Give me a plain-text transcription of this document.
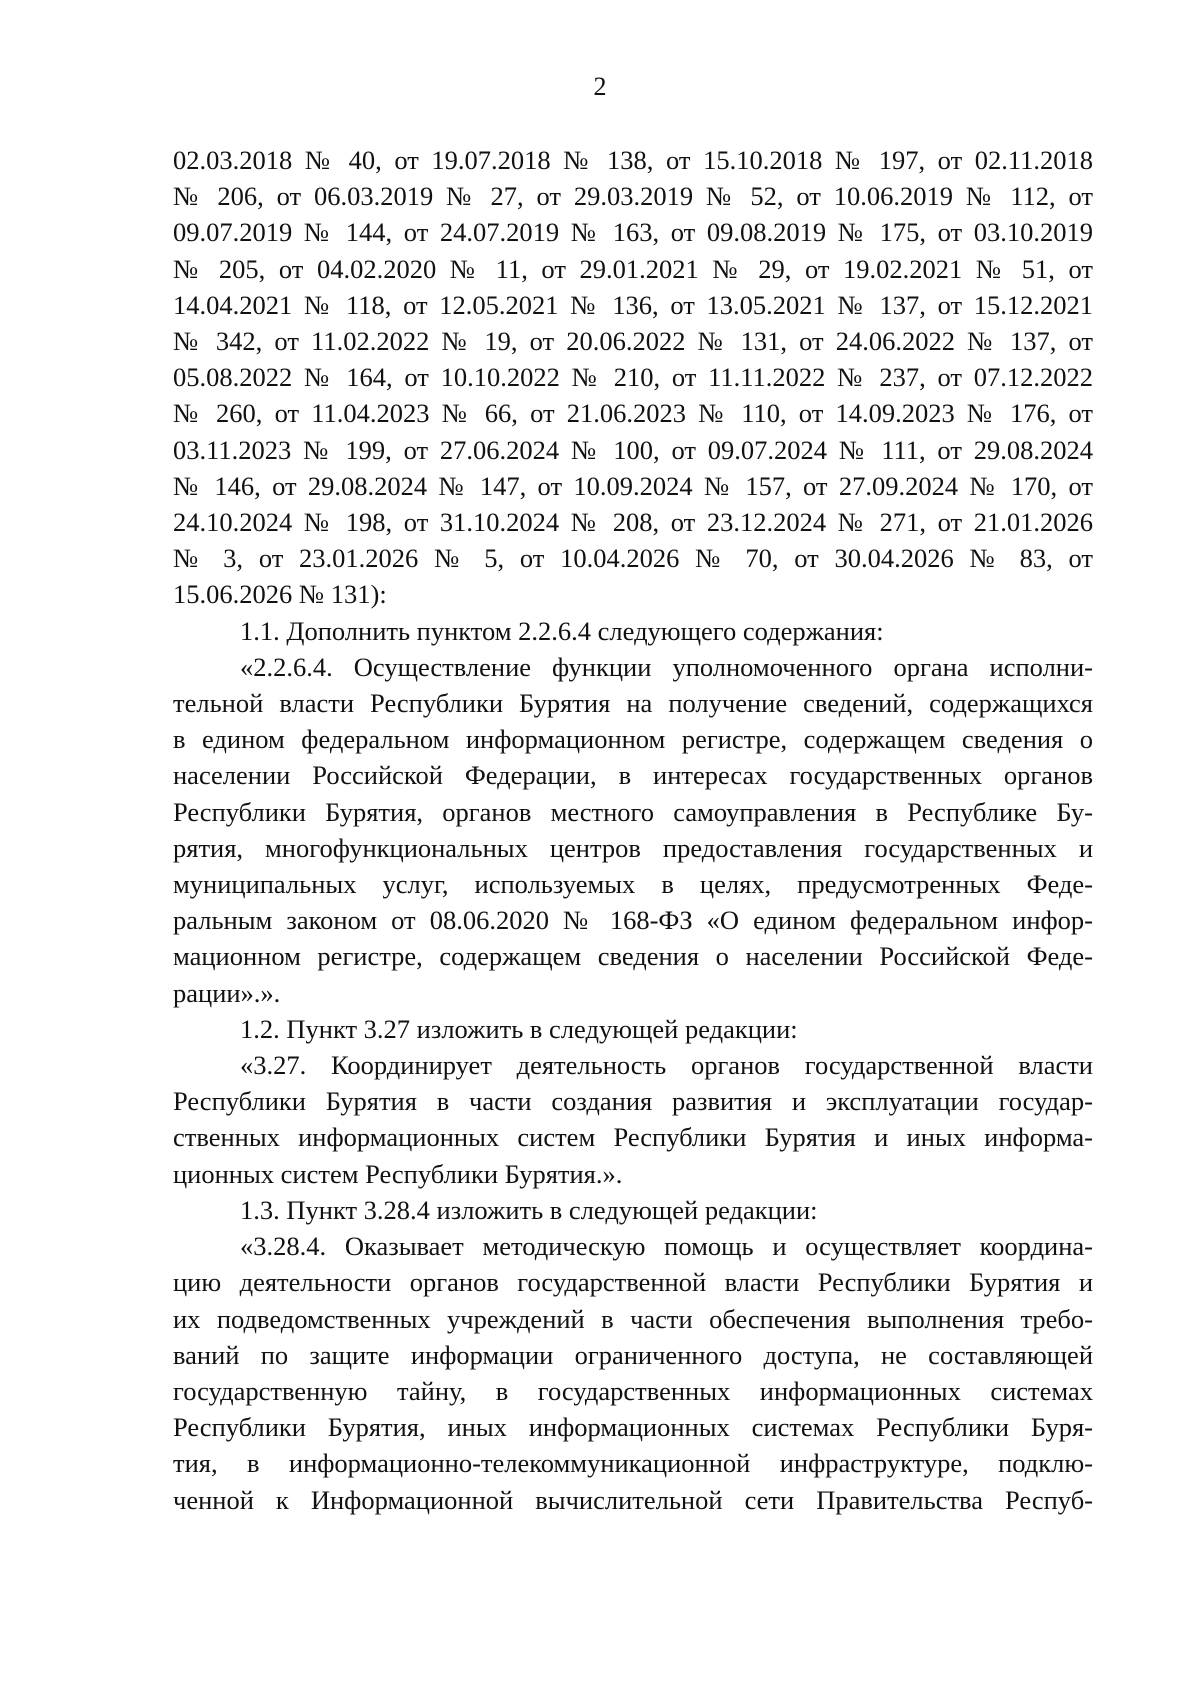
2
02.03.2018 № 40, от 19.07.2018 № 138, от 15.10.2018 № 197, от 02.11.2018
№ 206, от 06.03.2019 № 27, от 29.03.2019 № 52, от 10.06.2019 № 112, от
09.07.2019 № 144, от 24.07.2019 № 163, от 09.08.2019 № 175, от 03.10.2019
№ 205, от 04.02.2020 № 11, от 29.01.2021 № 29, от 19.02.2021 № 51, от
14.04.2021 № 118, от 12.05.2021 № 136, от 13.05.2021 № 137, от 15.12.2021
№ 342, от 11.02.2022 № 19, от 20.06.2022 № 131, от 24.06.2022 № 137, от
05.08.2022 № 164, от 10.10.2022 № 210, от 11.11.2022 № 237, от 07.12.2022
№ 260, от 11.04.2023 № 66, от 21.06.2023 № 110, от 14.09.2023 № 176, от
03.11.2023 № 199, от 27.06.2024 № 100, от 09.07.2024 № 111, от 29.08.2024
№ 146, от 29.08.2024 № 147, от 10.09.2024 № 157, от 27.09.2024 № 170, от
24.10.2024 № 198, от 31.10.2024 № 208, от 23.12.2024 № 271, от 21.01.2026
№ 3, от 23.01.2026 № 5, от 10.04.2026 № 70, от 30.04.2026 № 83, от
15.06.2026 № 131):
1.1. Дополнить пунктом 2.2.6.4 следующего содержания:
«2.2.6.4. Осуществление функции уполномоченного органа исполни-
тельной власти Республики Бурятия на получение сведений, содержащихся
в едином федеральном информационном регистре, содержащем сведения о
населении Российской Федерации, в интересах государственных органов
Республики Бурятия, органов местного самоуправления в Республике Бу-
рятия, многофункциональных центров предоставления государственных и
муниципальных услуг, используемых в целях, предусмотренных Феде-
ральным законом от 08.06.2020 № 168-ФЗ «О едином федеральном инфор-
мационном регистре, содержащем сведения о населении Российской Феде-
рации».».
1.2. Пункт 3.27 изложить в следующей редакции:
«3.27. Координирует деятельность органов государственной власти
Республики Бурятия в части создания развития и эксплуатации государ-
ственных информационных систем Республики Бурятия и иных информа-
ционных систем Республики Бурятия.».
1.3. Пункт 3.28.4 изложить в следующей редакции:
«3.28.4. Оказывает методическую помощь и осуществляет координа-
цию деятельности органов государственной власти Республики Бурятия и
их подведомственных учреждений в части обеспечения выполнения требо-
ваний по защите информации ограниченного доступа, не составляющей
государственную тайну, в государственных информационных системах
Республики Бурятия, иных информационных системах Республики Буря-
тия, в информационно-телекоммуникационной инфраструктуре, подклю-
ченной к Информационной вычислительной сети Правительства Респуб-
